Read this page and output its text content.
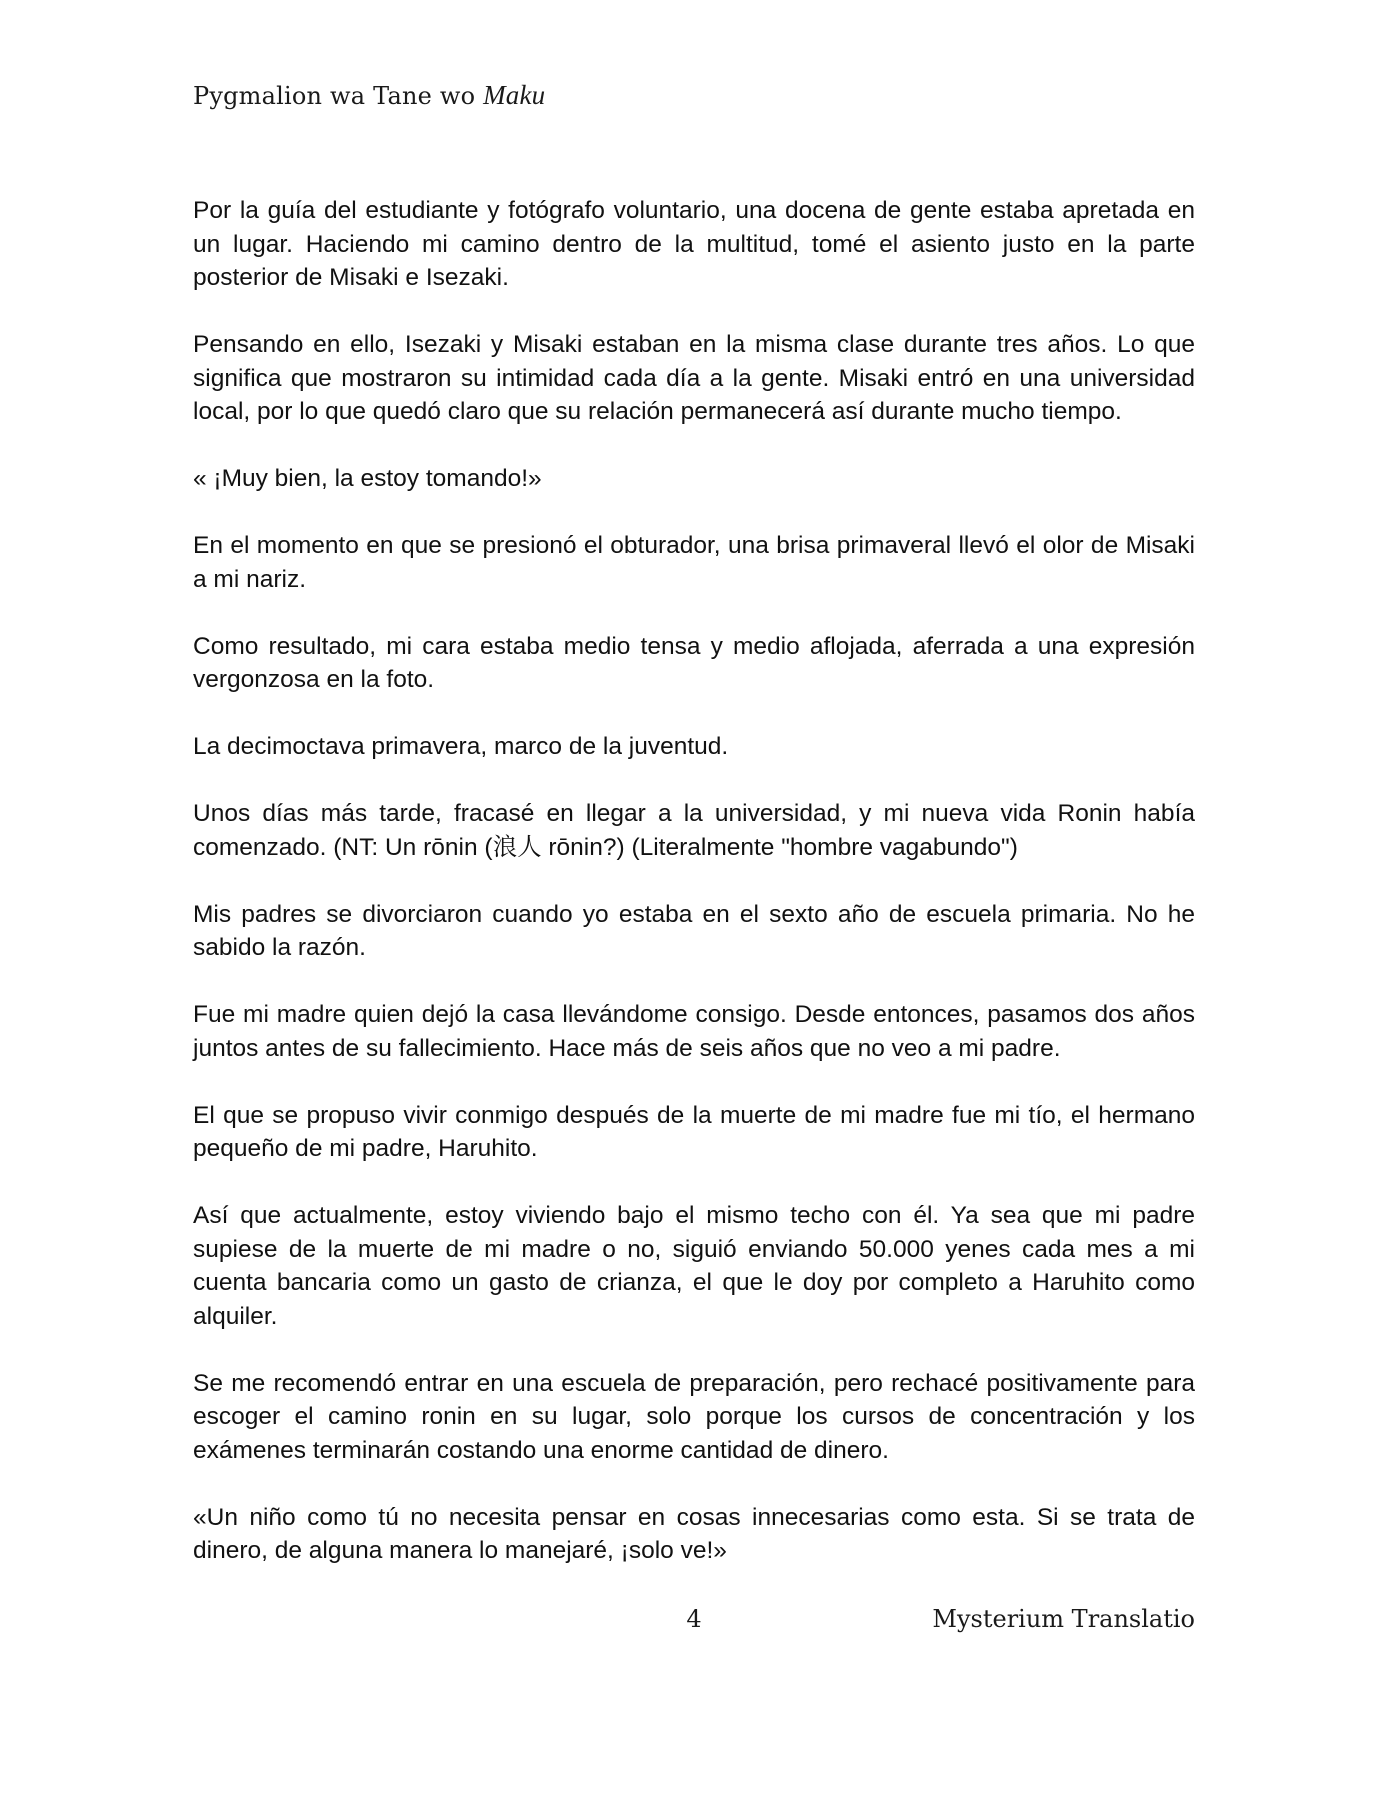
Pygmalion wa Tane wo Maku

Por la guía del estudiante y fotógrafo voluntario, una docena de gente estaba apretada en un lugar. Haciendo mi camino dentro de la multitud, tomé el asiento justo en la parte posterior de Misaki e Isezaki.

Pensando en ello, Isezaki y Misaki estaban en la misma clase durante tres años. Lo que significa que mostraron su intimidad cada día a la gente. Misaki entró en una universidad local, por lo que quedó claro que su relación permanecerá así durante mucho tiempo.

« ¡Muy bien, la estoy tomando!»

En el momento en que se presionó el obturador, una brisa primaveral llevó el olor de Misaki a mi nariz.

Como resultado, mi cara estaba medio tensa y medio aflojada, aferrada a una expresión vergonzosa en la foto.

La decimoctava primavera, marco de la juventud.

Unos días más tarde, fracasé en llegar a la universidad, y mi nueva vida Ronin había comenzado. (NT: Un rōnin (浪人 rōnin?) (Literalmente "hombre vagabundo")

Mis padres se divorciaron cuando yo estaba en el sexto año de escuela primaria. No he sabido la razón.

Fue mi madre quien dejó la casa llevándome consigo. Desde entonces, pasamos dos años juntos antes de su fallecimiento. Hace más de seis años que no veo a mi padre.

El que se propuso vivir conmigo después de la muerte de mi madre fue mi tío, el hermano pequeño de mi padre, Haruhito.

Así que actualmente, estoy viviendo bajo el mismo techo con él. Ya sea que mi padre supiese de la muerte de mi madre o no, siguió enviando 50.000 yenes cada mes a mi cuenta bancaria como un gasto de crianza, el que le doy por completo a Haruhito como alquiler.

Se me recomendó entrar en una escuela de preparación, pero rechacé positivamente para escoger el camino ronin en su lugar, solo porque los cursos de concentración y los exámenes terminarán costando una enorme cantidad de dinero.

«Un niño como tú no necesita pensar en cosas innecesarias como esta. Si se trata de dinero, de alguna manera lo manejaré, ¡solo ve!»

4	Mysterium Translatio
